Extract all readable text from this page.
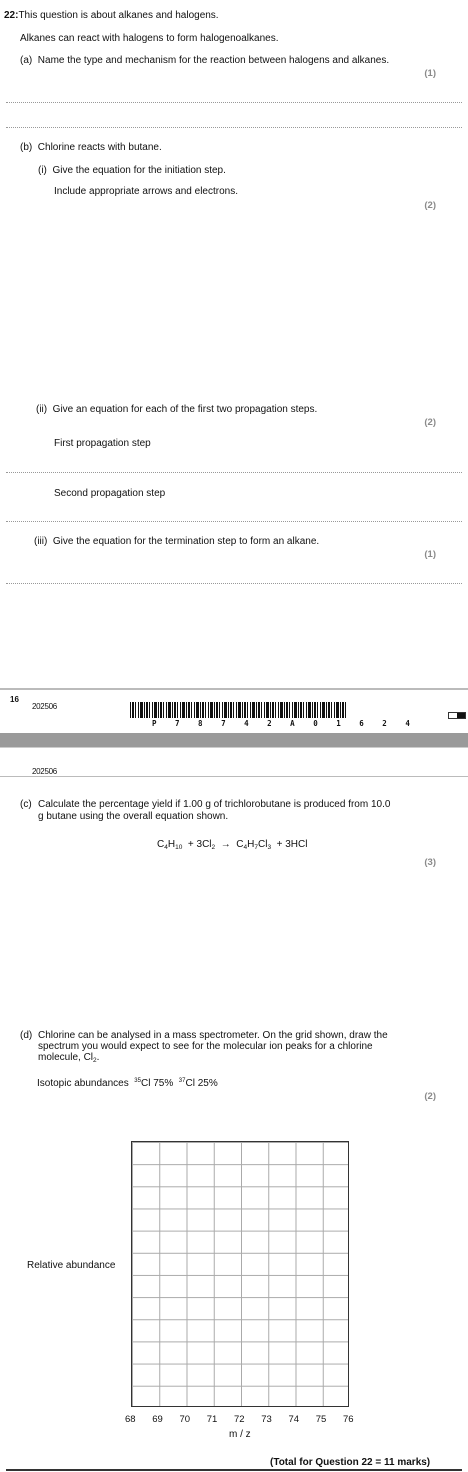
22:This question is about alkanes and halogens.
Alkanes can react with halogens to form halogenoalkanes.
(a) Name the type and mechanism for the reaction between halogens and alkanes.
(1)
(b) Chlorine reacts with butane.
(i) Give the equation for the initiation step.
Include appropriate arrows and electrons.
(2)
(ii) Give an equation for each of the first two propagation steps.
(2)
First propagation step
Second propagation step
(iii) Give the equation for the termination step to form an alkane.
(1)
16
202506
P 7 8 7 4 2 A 0 1 6 2 4
202506
(c) Calculate the percentage yield if 1.00 g of trichlorobutane is produced from 10.0 g butane using the overall equation shown.
$C_4H_{10} + 3Cl_2 \to C_4H_7Cl_3 + 3HCl$
(3)
(d) Chlorine can be analysed in a mass spectrometer. On the grid shown, draw the spectrum you would expect to see for the molecular ion peaks for a chlorine molecule, $Cl_2$.
Isotopic abundances $^{35}$Cl 75% $^{37}$Cl 25%
(2)
Relative abundance
68 69 70 71 72 73 74 75 76
m / z
(Total for Question 22 = 11 marks)
